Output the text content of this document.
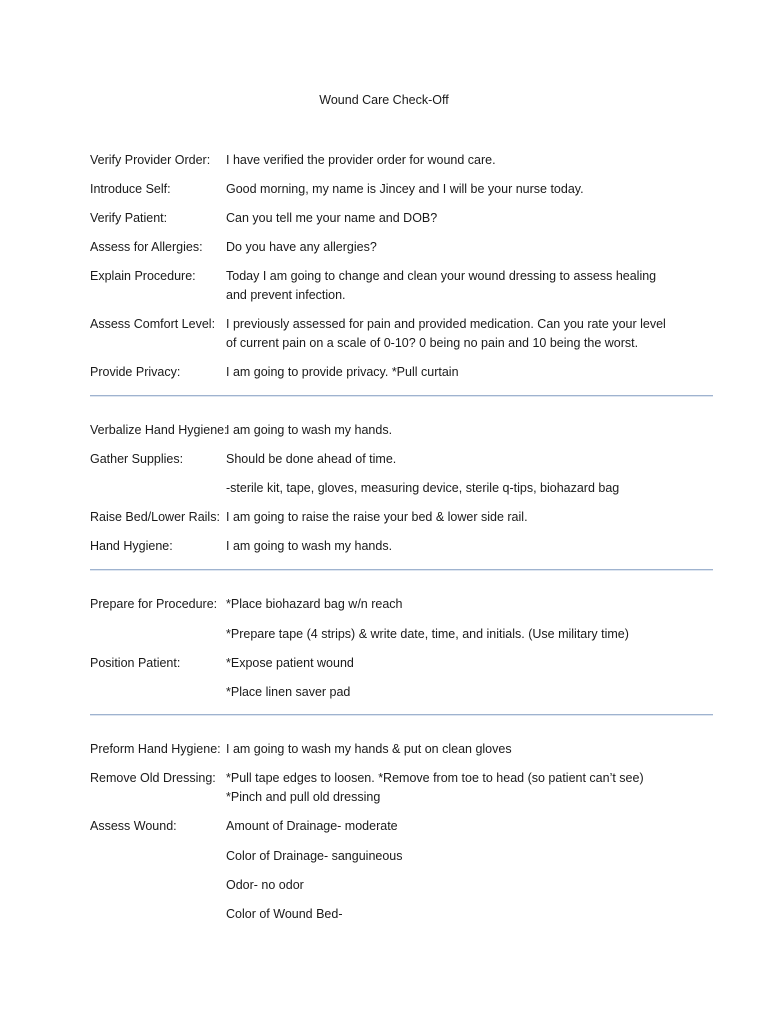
Wound Care Check-Off
Verify Provider Order: I have verified the provider order for wound care.
Introduce Self:	Good morning, my name is Jincey and I will be your nurse today.
Verify Patient:	Can you tell me your name and DOB?
Assess for Allergies: Do you have any allergies?
Explain Procedure: Today I am going to change and clean your wound dressing to assess healing
and prevent infection.
Assess Comfort Level: I previously assessed for pain and provided medication. Can you rate your level
of current pain on a scale of 0-10? 0 being no pain and 10 being the worst.
Provide Privacy:	I am going to provide privacy. *Pull curtain
Verbalize Hand Hygiene:
I am going to wash my hands.
Gather Supplies:	Should be done ahead of time.
-sterile kit, tape, gloves, measuring device, sterile q-tips, biohazard bag
Raise Bed/Lower Rails: I am going to raise the raise your bed & lower side rail.
Hand Hygiene:	I am going to wash my hands.
Prepare for Procedure: *Place biohazard bag w/n reach
*Prepare tape (4 strips) & write date, time, and initials. (Use military time)
Position Patient:	*Expose patient wound
*Place linen saver pad
Preform Hand Hygiene: I am going to wash my hands & put on clean gloves
Remove Old Dressing: *Pull tape edges to loosen. *Remove from toe to head (so patient can’t see)
*Pinch and pull old dressing
Assess Wound:	Amount of Drainage- moderate
Color of Drainage- sanguineous
Odor- no odor
Color of Wound Bed-
